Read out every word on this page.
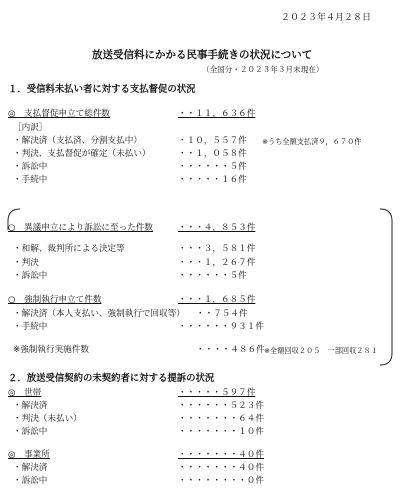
２０２３年４月２８日
放送受信料にかかる民事手続きの状況について
（全国分・２０２３年３月末現在）
１．受信料未払い者に対する支払督促の状況
◎　支払督促申立て総件数	・・１１，６３６件
［内訳］
・解決済（支払済、分割支払中）	・１０，５５７件 ※うち全額支払済９，６７０件
・判決、支払督促が確定（未払い）	・・１，０５８件
・訴訟中	・・・・・・５件
・手続中	・・・・・１６件
○　異議申立により訴訟に至った件数	・・・４，８５３件
・和解、裁判所による決定等	・・・３，５８１件
・判決	・・・１，２６７件
・訴訟中	・・・・・・５件
○　強制執行申立て件数	・・・１，６８５件
・解決済（本人支払い、強制執行で回収等） ・・７５４件
・手続中	・・・・・・９３１件
※強制執行実施件数	・・・・４８６件 ※全額回収２０５　一部回収２８１
２．放送受信契約の未契約者に対する提訴の状況
◎　世帯	・・・・・５９７件
・解決済	・・・・・・５２３件
・判決（未払い）	・・・・・・・６４件
・訴訟中	・・・・・・・１０件
◎　事業所	・・・・・・・４０件
・解決済	・・・・・・・４０件
・訴訟中	・・・・・・・・０件
